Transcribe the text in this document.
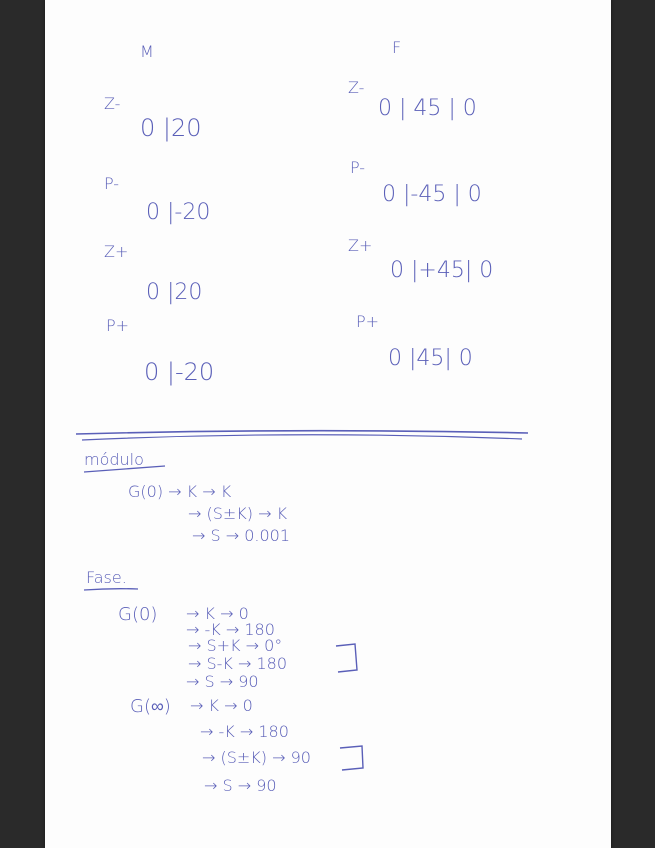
M
Z-
0 |20
P-
0 |-20
Z+
0 |20
P+
0 |-20
F
Z-
0 | 45 | 0
P-
0 |-45 | 0
Z+
0 |+45| 0
P+
0 |45| 0
módulo
G(0) → K → K
→ (S±K) → K
→ S → 0.001
Fase.
G(0) → K → 0
→ -K → 180
→ S+K → 0°
→ S-K → 180
→ S → 90
G(∞) → K → 0
→ -K → 180
→ (S±K) → 90
→ S → 90
